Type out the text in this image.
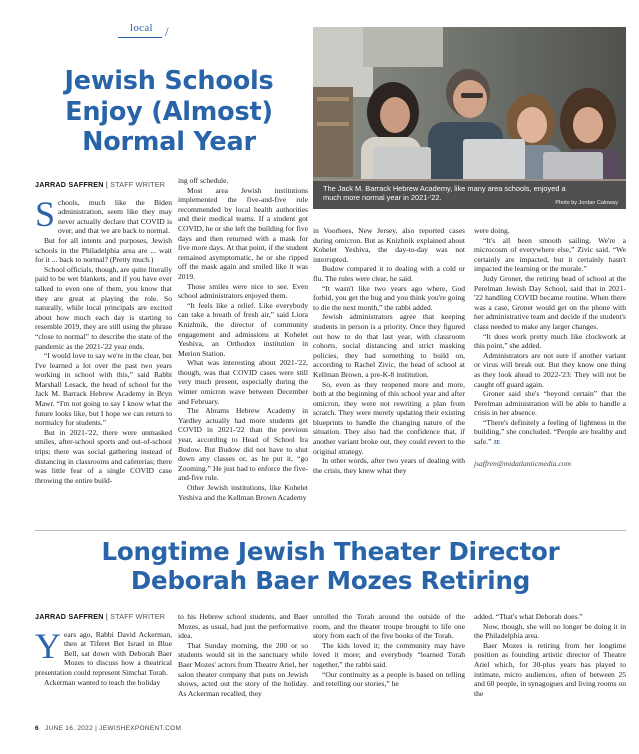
local /
Jewish Schools Enjoy (Almost) Normal Year
The Jack M. Barrack Hebrew Academy, like many area schools, enjoyed a much more normal year in 2021-'22.
Photo by Jordan Caloway
JARRAD SAFFREN | STAFF WRITER

Schools, much like the Biden administration, seem like they may never actually declare that COVID is over, and that we are back to normal.

But for all intents and purposes, Jewish schools in the Philadelphia area are ... wait for it ... back to normal? (Pretty much.)

School officials, though, are quite literally paid to be wet blankets, and if you have ever talked to even one of them, you know that they are great at playing the role. So naturally, while local principals are excited about how much each day is starting to resemble 2019, they are still using the phrase “close to normal” to describe the state of the pandemic as the 2021-'22 year ends.

“I would love to say we're in the clear, but I've learned a lot over the past two years working in school with this,” said Rabbi Marshall Lesack, the head of school for the Jack M. Barrack Hebrew Academy in Bryn Mawr. “I'm not going to say I know what the future looks like, but I hope we can return to normalcy for students.”

But in 2021-'22, there were unmasked smiles, after-school sports and out-of-school trips; there was social gathering instead of distancing in classrooms and cafeterias; there was little fear of a single COVID case throwing the entire build-

ing off schedule.

Most area Jewish institutions implemented the five-and-five rule recommended by local health authorities and their medical teams. If a student got COVID, he or she left the building for five days and then returned with a mask for five more days. At that point, if the student remained asymptomatic, he or she ripped off the mask again and smiled like it was 2019.

Those smiles were nice to see. Even school administrators enjoyed them.

“It feels like a relief. Like everybody can take a breath of fresh air,” said Liora Knizhnik, the director of community engagement and admissions at Kohelet Yeshiva, an Orthodox institution in Merion Station.

What was interesting about 2021-'22, though, was that COVID cases were still very much present, especially during the winter omicron wave between December and February.

The Abrams Hebrew Academy in Yardley actually had more students get COVID in 2021-'22 than the previous year, according to Head of School Ira Budow. But Budow did not have to shut down any classes or, as he put it, “go Zooming.” He just had to enforce the five-and-five rule.

Other Jewish institutions, like Kohelet Yeshiva and the Kellman Brown Academy

in Voorhees, New Jersey, also reported cases during omicron. But as Knizhnik explained about Kohelet Yeshiva, the day-to-day was not interrupted.

Budow compared it to dealing with a cold or flu. The rules were clear, he said.

“It wasn't like two years ago where, God forbid, you get the bug and you think you're going to die the next month,” the rabbi added.

Jewish administrators agree that keeping students in person is a priority. Once they figured out how to do that last year, with classroom cohorts, social distancing and strict masking policies, they had something to build on, according to Rachel Zivic, the head of school at Kellman Brown, a pre-K-8 institution.

So, even as they reopened more and more, both at the beginning of this school year and after omicron, they were not rewriting a plan from scratch. They were merely updating their existing blueprints to handle the changing nature of the situation. They also had the confidence that, if another variant broke out, they could revert to the original strategy.

In other words, after two years of dealing with the crisis, they knew what they

were doing.

“It's all been smooth sailing. We're a microcosm of everywhere else,” Zivic said. “We certainly are impacted, but it certainly hasn't impacted the learning or the morale.”

Judy Groner, the retiring head of school at the Perelman Jewish Day School, said that in 2021-'22 handling COVID became routine. When there was a case, Groner would get on the phone with her administrative team and decide if the student's class needed to make any larger changes.

“It does work pretty much like clockwork at this point,” she added.

Administrators are not sure if another variant or virus will break out. But they know one thing as they look ahead to 2022-'23: They will not be caught off guard again.

Groner said she's “beyond certain” that the Perelman administration will be able to handle a crisis in her absence.

“There's definitely a feeling of lightness in the building,” she concluded. “People are healthy and safe.” JE

jsaffren@midatlanticmedia.com

Longtime Jewish Theater Director
Deborah Baer Mozes Retiring
JARRAD SAFFREN | STAFF WRITER

Years ago, Rabbi David Ackerman, then at Tiferet Bet Israel in Blue Bell, sat down with Deborah Baer Mozes to discuss how a theatrical presentation could represent Simchat Torah.

Ackerman wanted to teach the holiday

to his Hebrew school students, and Baer Mozes, as usual, had just the performative idea.

That Sunday morning, the 200 or so students would sit in the sanctuary while Baer Mozes' actors from Theatre Ariel, her salon theater company that puts on Jewish shows, acted out the story of the holiday. As Ackerman recalled, they

unrolled the Torah around the outside of the room, and the theater troupe brought to life one story from each of the five books of the Torah.

The kids loved it; the community may have loved it more; and everybody “learned Torah together,” the rabbi said.

“Our continuity as a people is based on telling and retelling our stories,” he

added. “That's what Deborah does.”

Now, though, she will no longer be doing it in the Philadelphia area.

Baer Mozes is retiring from her longtime position as founding artistic director of Theatre Ariel which, for 30-plus years has played to intimate, micro audiences, often of between 25 and 60 people, in synagogues and living rooms on the

6 JUNE 16, 2022 | JEWISHEXPONENT.COM
